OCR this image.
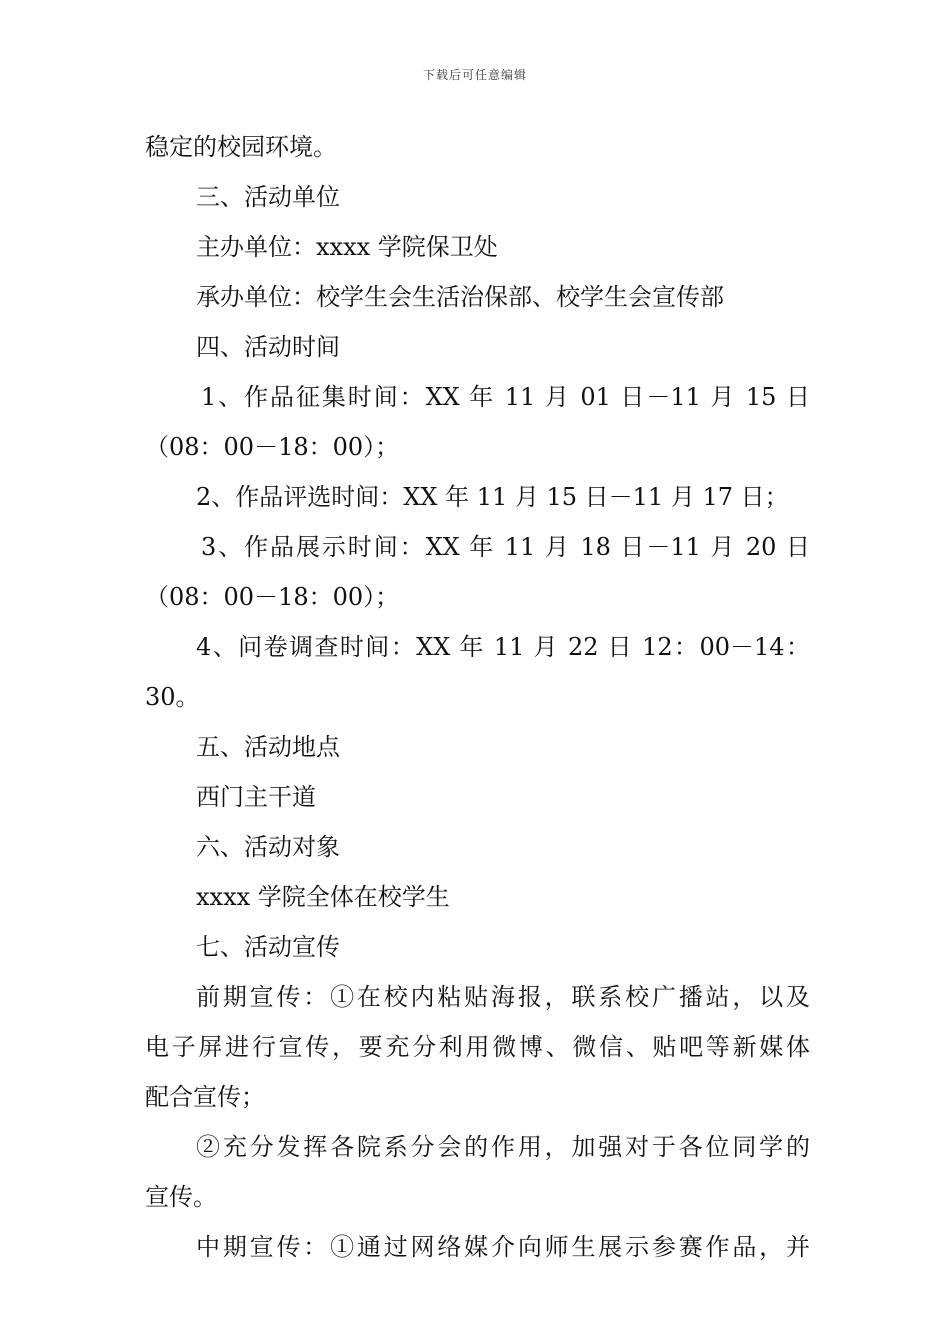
下载后可任意编辑
稳定的校园环境。
三、活动单位
主办单位：xxxx 学院保卫处
承办单位：校学生会生活治保部、校学生会宣传部
四、活动时间
1、作品征集时间：XX 年 11 月 01 日－11 月 15 日
（08：00－18：00）；
2、作品评选时间：XX 年 11 月 15 日－11 月 17 日；
3、作品展示时间：XX 年 11 月 18 日－11 月 20 日
（08：00－18：00）；
4、问卷调查时间：XX 年 11 月 22 日 12：00－14：30。
五、活动地点
西门主干道
六、活动对象
xxxx 学院全体在校学生
七、活动宣传
前期宣传：①在校内粘贴海报，联系校广播站，以及
电子屏进行宣传，要充分利用微博、微信、贴吧等新媒体
配合宣传；
②充分发挥各院系分会的作用，加强对于各位同学的
宣传。
中期宣传：①通过网络媒介向师生展示参赛作品，并
